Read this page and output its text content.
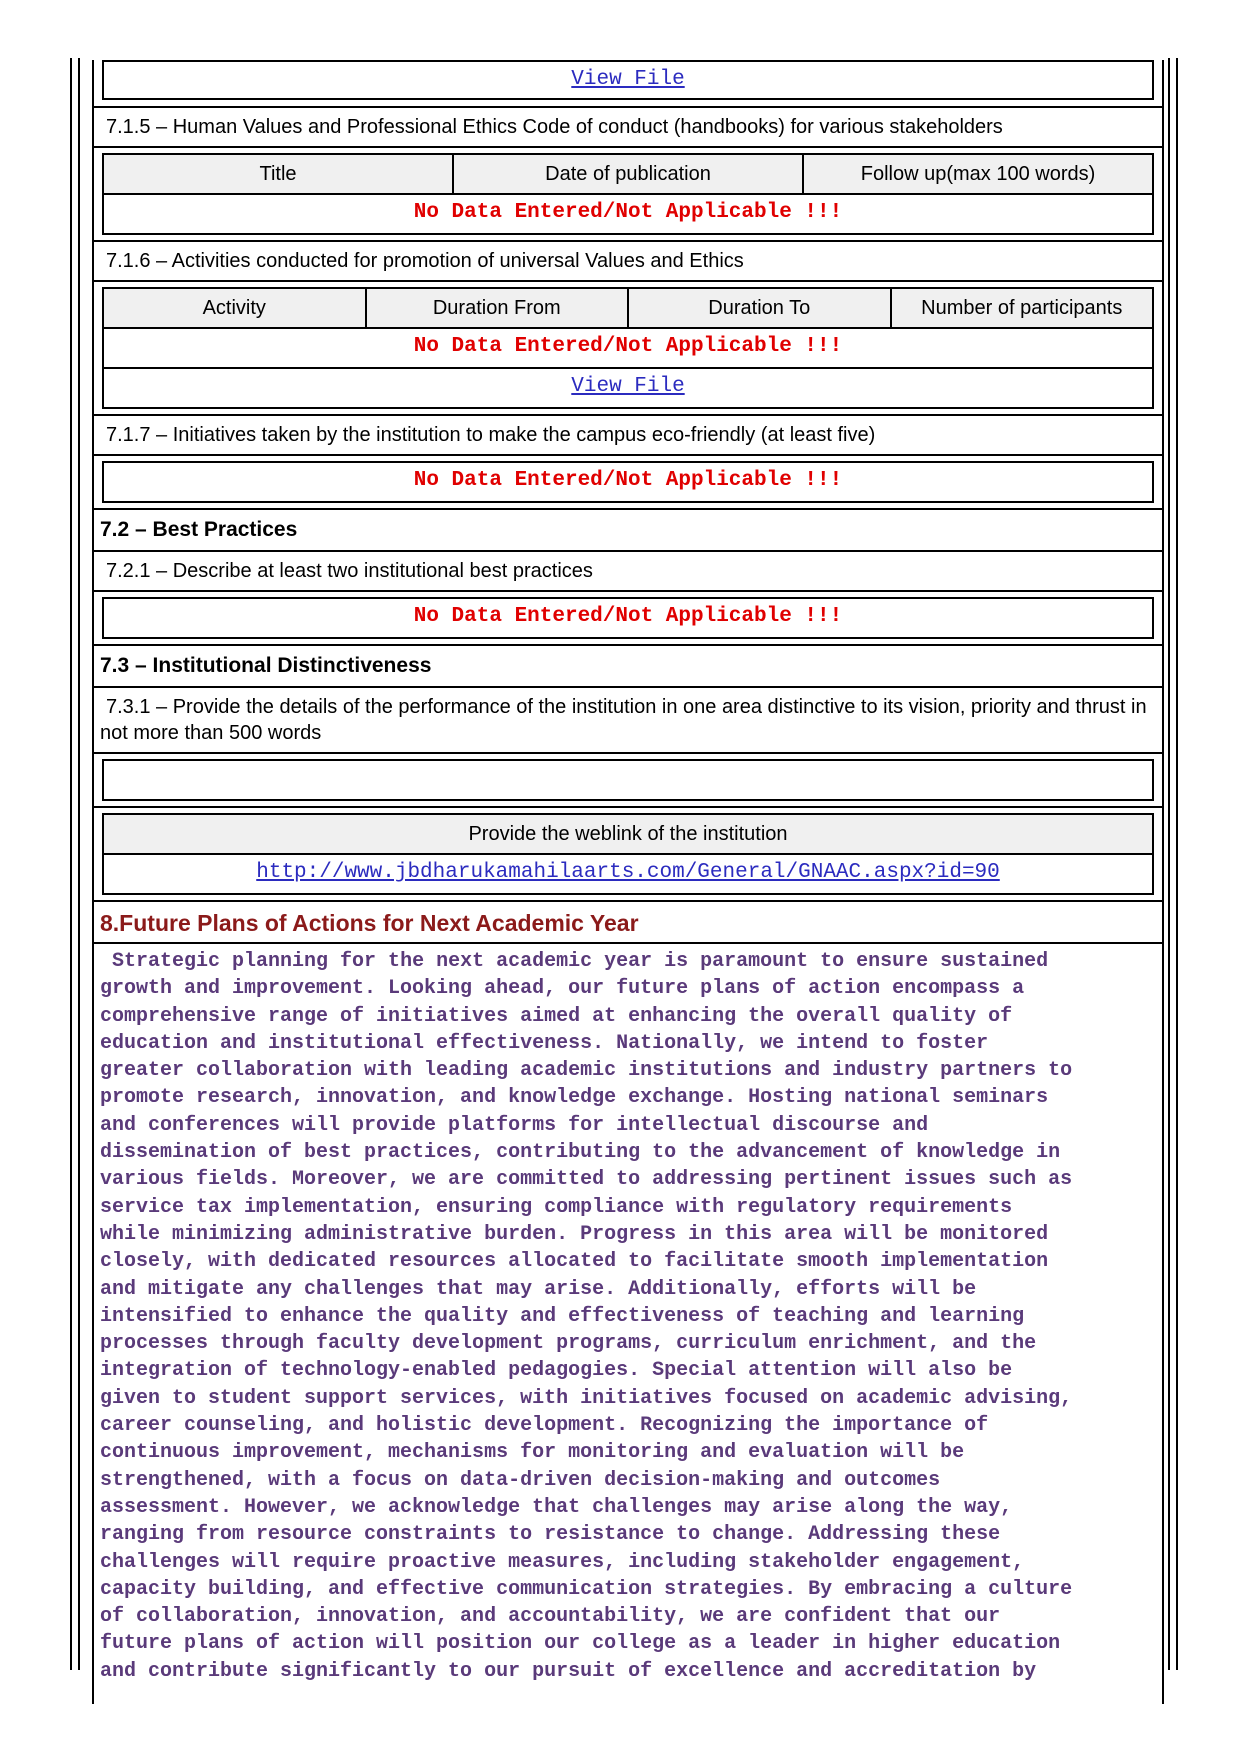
View File
7.1.5 – Human Values and Professional Ethics Code of conduct (handbooks) for various stakeholders
Title	Date of publication	Follow up(max 100 words)

No Data Entered/Not Applicable !!!
7.1.6 – Activities conducted for promotion of universal Values and Ethics
Activity	Duration From	Duration To	Number of participants

No Data Entered/Not Applicable !!!

View File
7.1.7 – Initiatives taken by the institution to make the campus eco-friendly (at least five)
No Data Entered/Not Applicable !!!
7.2 – Best Practices
7.2.1 – Describe at least two institutional best practices
No Data Entered/Not Applicable !!!
7.3 – Institutional Distinctiveness
7.3.1 – Provide the details of the performance of the institution in one area distinctive to its vision, priority and thrust in not more than 500 words
Provide the weblink of the institution

http://www.jbdharukamahilaarts.com/General/GNAAC.aspx?id=90
8.Future Plans of Actions for Next Academic Year
Strategic planning for the next academic year is paramount to ensure sustained
growth and improvement. Looking ahead, our future plans of action encompass a
comprehensive range of initiatives aimed at enhancing the overall quality of
education and institutional effectiveness. Nationally, we intend to foster
greater collaboration with leading academic institutions and industry partners to
promote research, innovation, and knowledge exchange. Hosting national seminars
and conferences will provide platforms for intellectual discourse and
dissemination of best practices, contributing to the advancement of knowledge in
various fields. Moreover, we are committed to addressing pertinent issues such as
service tax implementation, ensuring compliance with regulatory requirements
while minimizing administrative burden. Progress in this area will be monitored
closely, with dedicated resources allocated to facilitate smooth implementation
and mitigate any challenges that may arise. Additionally, efforts will be
intensified to enhance the quality and effectiveness of teaching and learning
processes through faculty development programs, curriculum enrichment, and the
integration of technology-enabled pedagogies. Special attention will also be
given to student support services, with initiatives focused on academic advising,
career counseling, and holistic development. Recognizing the importance of
continuous improvement, mechanisms for monitoring and evaluation will be
strengthened, with a focus on data-driven decision-making and outcomes
assessment. However, we acknowledge that challenges may arise along the way,
ranging from resource constraints to resistance to change. Addressing these
challenges will require proactive measures, including stakeholder engagement,
capacity building, and effective communication strategies. By embracing a culture
of collaboration, innovation, and accountability, we are confident that our
future plans of action will position our college as a leader in higher education
and contribute significantly to our pursuit of excellence and accreditation by
